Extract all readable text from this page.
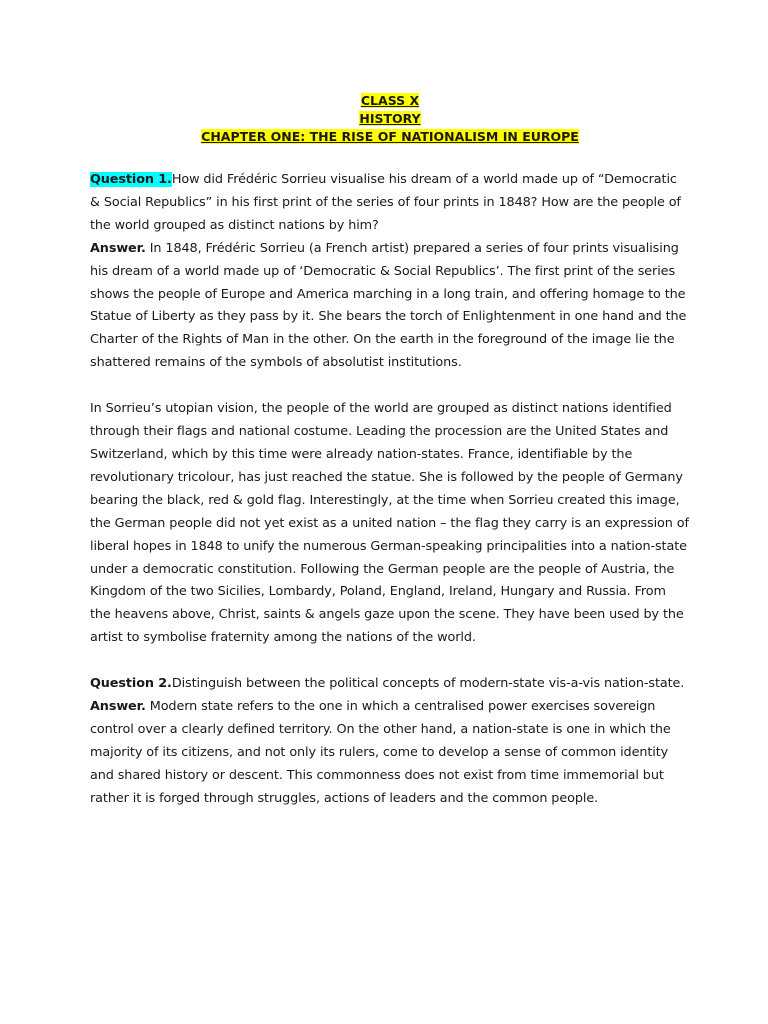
CLASS X
HISTORY
CHAPTER ONE: THE RISE OF NATIONALISM IN EUROPE

Question 1.How did Frédéric Sorrieu visualise his dream of a world made up of “Democratic & Social Republics” in his first print of the series of four prints in 1848? How are the people of the world grouped as distinct nations by him?

Answer. In 1848, Frédéric Sorrieu (a French artist) prepared a series of four prints visualising his dream of a world made up of ‘Democratic & Social Republics’. The first print of the series shows the people of Europe and America marching in a long train, and offering homage to the Statue of Liberty as they pass by it. She bears the torch of Enlightenment in one hand and the Charter of the Rights of Man in the other. On the earth in the foreground of the image lie the shattered remains of the symbols of absolutist institutions.

In Sorrieu’s utopian vision, the people of the world are grouped as distinct nations identified through their flags and national costume. Leading the procession are the United States and Switzerland, which by this time were already nation-states. France, identifiable by the revolutionary tricolour, has just reached the statue. She is followed by the people of Germany bearing the black, red & gold flag. Interestingly, at the time when Sorrieu created this image, the German people did not yet exist as a united nation – the flag they carry is an expression of liberal hopes in 1848 to unify the numerous German-speaking principalities into a nation-state under a democratic constitution. Following the German people are the people of Austria, the Kingdom of the two Sicilies, Lombardy, Poland, England, Ireland, Hungary and Russia. From the heavens above, Christ, saints & angels gaze upon the scene. They have been used by the artist to symbolise fraternity among the nations of the world.

Question 2.Distinguish between the political concepts of modern-state vis-a-vis nation-state.

Answer. Modern state refers to the one in which a centralised power exercises sovereign control over a clearly defined territory. On the other hand, a nation-state is one in which the majority of its citizens, and not only its rulers, come to develop a sense of common identity and shared history or descent. This commonness does not exist from time immemorial but rather it is forged through struggles, actions of leaders and the common people.
